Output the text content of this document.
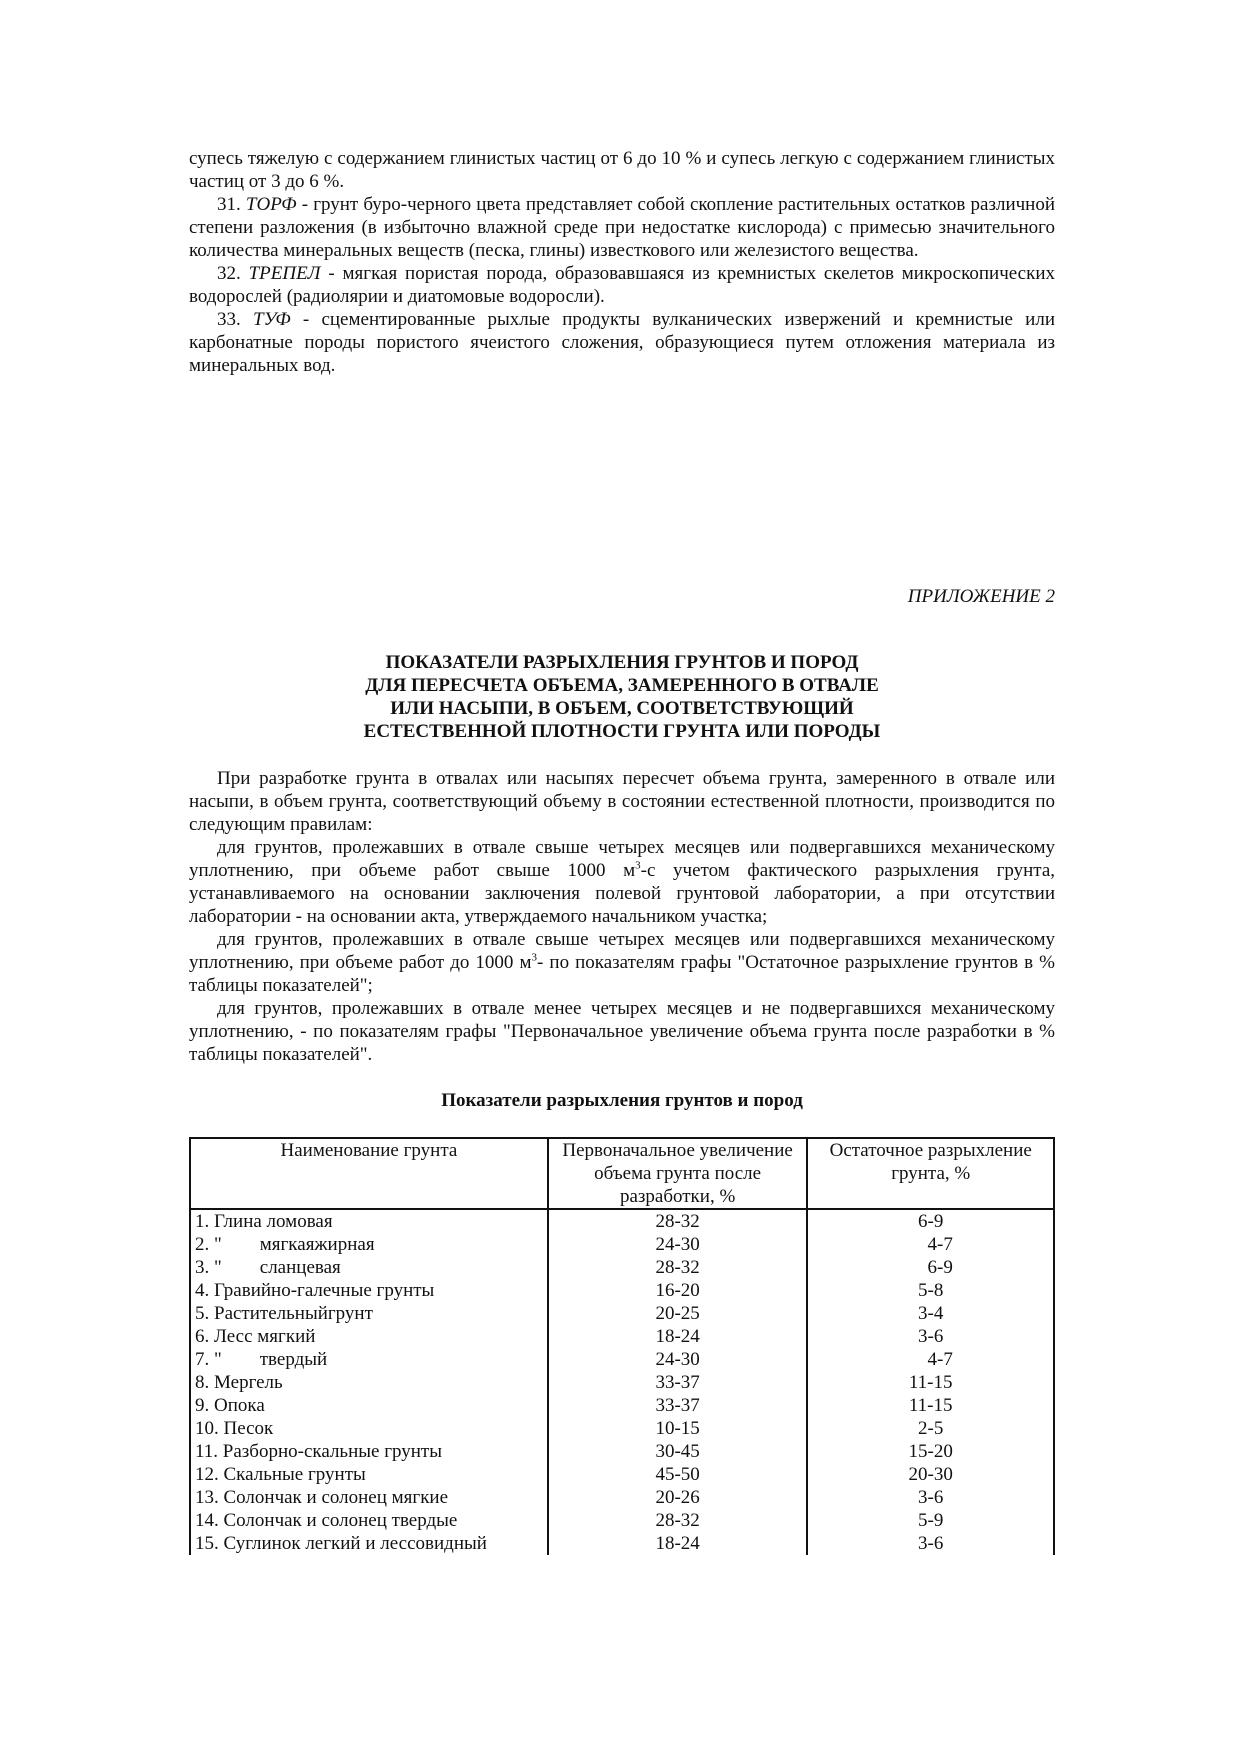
супесь тяжелую с содержанием глинистых частиц от 6 до 10 % и супесь легкую с содержанием глинистых частиц от 3 до 6 %.

31. ТОРФ - грунт буро-черного цвета представляет собой скопление растительных остатков различной степени разложения (в избыточно влажной среде при недостатке кислорода) с примесью значительного количества минеральных веществ (песка, глины) известкового или железистого вещества.

32. ТРЕПЕЛ - мягкая пористая порода, образовавшаяся из кремнистых скелетов микроскопических водорослей (радиолярии и диатомовые водоросли).

33. ТУФ - сцементированные рыхлые продукты вулканических извержений и кремнистые или карбонатные породы пористого ячеистого сложения, образующиеся путем отложения материала из минеральных вод.

ПРИЛОЖЕНИЕ 2
ПОКАЗАТЕЛИ РАЗРЫХЛЕНИЯ ГРУНТОВ И ПОРОД
ДЛЯ ПЕРЕСЧЕТА ОБЪЕМА, ЗАМЕРЕННОГО В ОТВАЛЕ
ИЛИ НАСЫПИ, В ОБЪЕМ, СООТВЕТСТВУЮЩИЙ
ЕСТЕСТВЕННОЙ ПЛОТНОСТИ ГРУНТА ИЛИ ПОРОДЫ

При разработке грунта в отвалах или насыпях пересчет объема грунта, замеренного в отвале или насыпи, в объем грунта, соответствующий объему в состоянии естественной плотности, производится по следующим правилам:

для грунтов, пролежавших в отвале свыше четырех месяцев или подвергавшихся механическому уплотнению, при объеме работ свыше 1000 $м^3-с$ учетом фактического разрыхления грунта, устанавливаемого на основании заключения полевой грунтовой лаборатории, а при отсутствии лаборатории - на основании акта, утверждаемого начальником участка;

для грунтов, пролежавших в отвале свыше четырех месяцев или подвергавшихся механическому уплотнению, при объеме работ до 1000 $м^3-$ по показателям графы "Остаточное разрыхление грунтов в % таблицы показателей";

для грунтов, пролежавших в отвале менее четырех месяцев и не подвергавшихся механическому уплотнению, - по показателям графы "Первоначальное увеличение объема грунта после разработки в % таблицы показателей".

Показатели разрыхления грунтов и пород
Наименование грунта	Первоначальное увеличение объема грунта после разработки, %	Остаточное разрыхление грунта, %
1. Глина ломовая	28-32	6-9
2. "        мягкаяжирная	24-30	4-7
3. "        сланцевая	28-32	6-9
4. Гравийно-галечные грунты	16-20	5-8
5. Растительныйгрунт	20-25	3-4
6. Лесс мягкий	18-24	3-6
7. "        твердый	24-30	4-7
8. Мергель	33-37	11-15
9. Опока	33-37	11-15
10. Песок	10-15	2-5
11. Разборно-скальные грунты	30-45	15-20
12. Скальные грунты	45-50	20-30
13. Солончак и солонец мягкие	20-26	3-6
14. Солончак и солонец твердые	28-32	5-9
15. Суглинок легкий и лессовидный	18-24	3-6
